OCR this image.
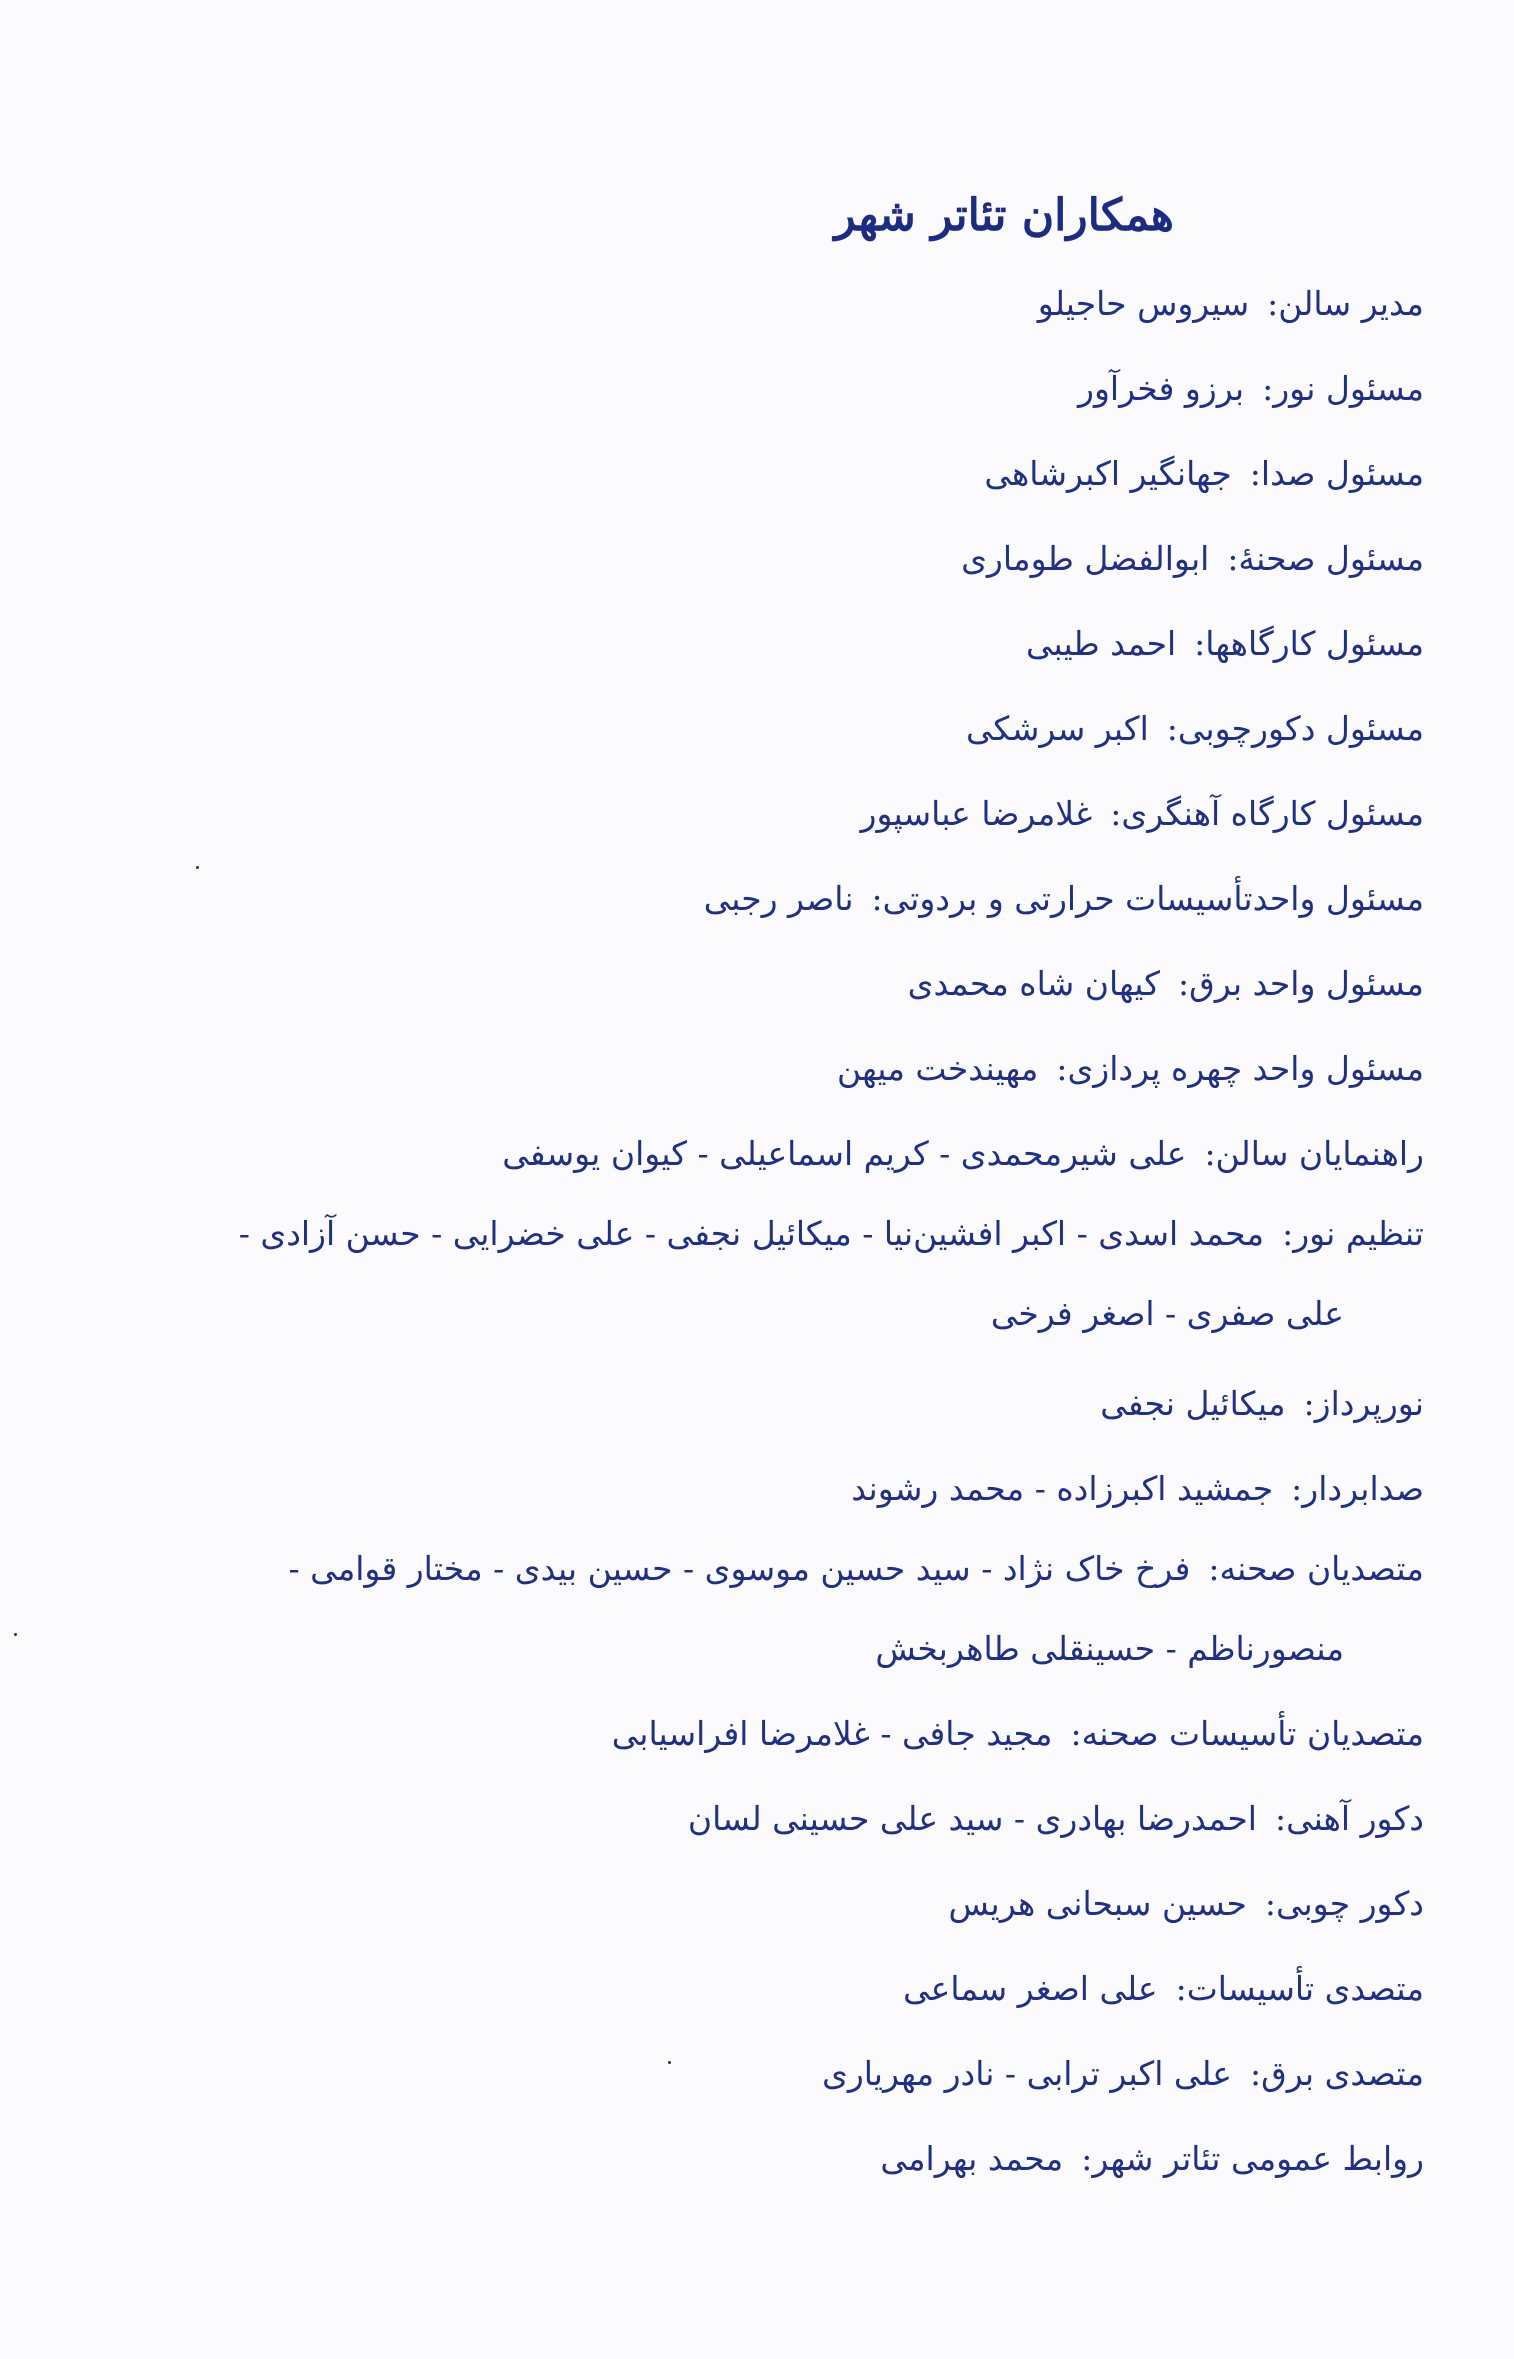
همکاران تئاتر شهر
مدیر سالن:سیروس حاجیلو
مسئول نور:برزو فخرآور
مسئول صدا:جهانگیر اکبرشاهی
مسئول صحنهٔ:ابوالفضل طوماری
مسئول کارگاهها:احمد طیبی
مسئول دکورچوبی:اکبر سرشکی
مسئول کارگاه آهنگری:غلامرضا عباسپور
مسئول واحدتأسیسات حرارتی و بردوتی:ناصر رجبی
مسئول واحد برق:کیهان شاه محمدی
مسئول واحد چهره پردازی:مهیندخت میهن
راهنمایان سالن:علی شیرمحمدی - کریم اسماعیلی - کیوان یوسفی
تنظیم نور:محمد اسدی - اکبر افشین‌نیا - میکائیل نجفی - علی خضرایی - حسن آزادی -
علی صفری - اصغر فرخی
نورپرداز:میکائیل نجفی
صدابردار:جمشید اکبرزاده - محمد رشوند
متصدیان صحنه:فرخ خاک نژاد - سید حسین موسوی - حسین بیدی - مختار قوامی -
منصورناظم - حسینقلی طاهربخش
متصدیان تأسیسات صحنه:مجید جافی - غلامرضا افراسیابی
دکور آهنی:احمدرضا بهادری - سید علی حسینی لسان
دکور چوبی:حسین سبحانی هریس
متصدی تأسیسات:علی اصغر سماعی
متصدی برق:علی اکبر ترابی - نادر مهریاری
روابط عمومی تئاتر شهر:محمد بهرامی
